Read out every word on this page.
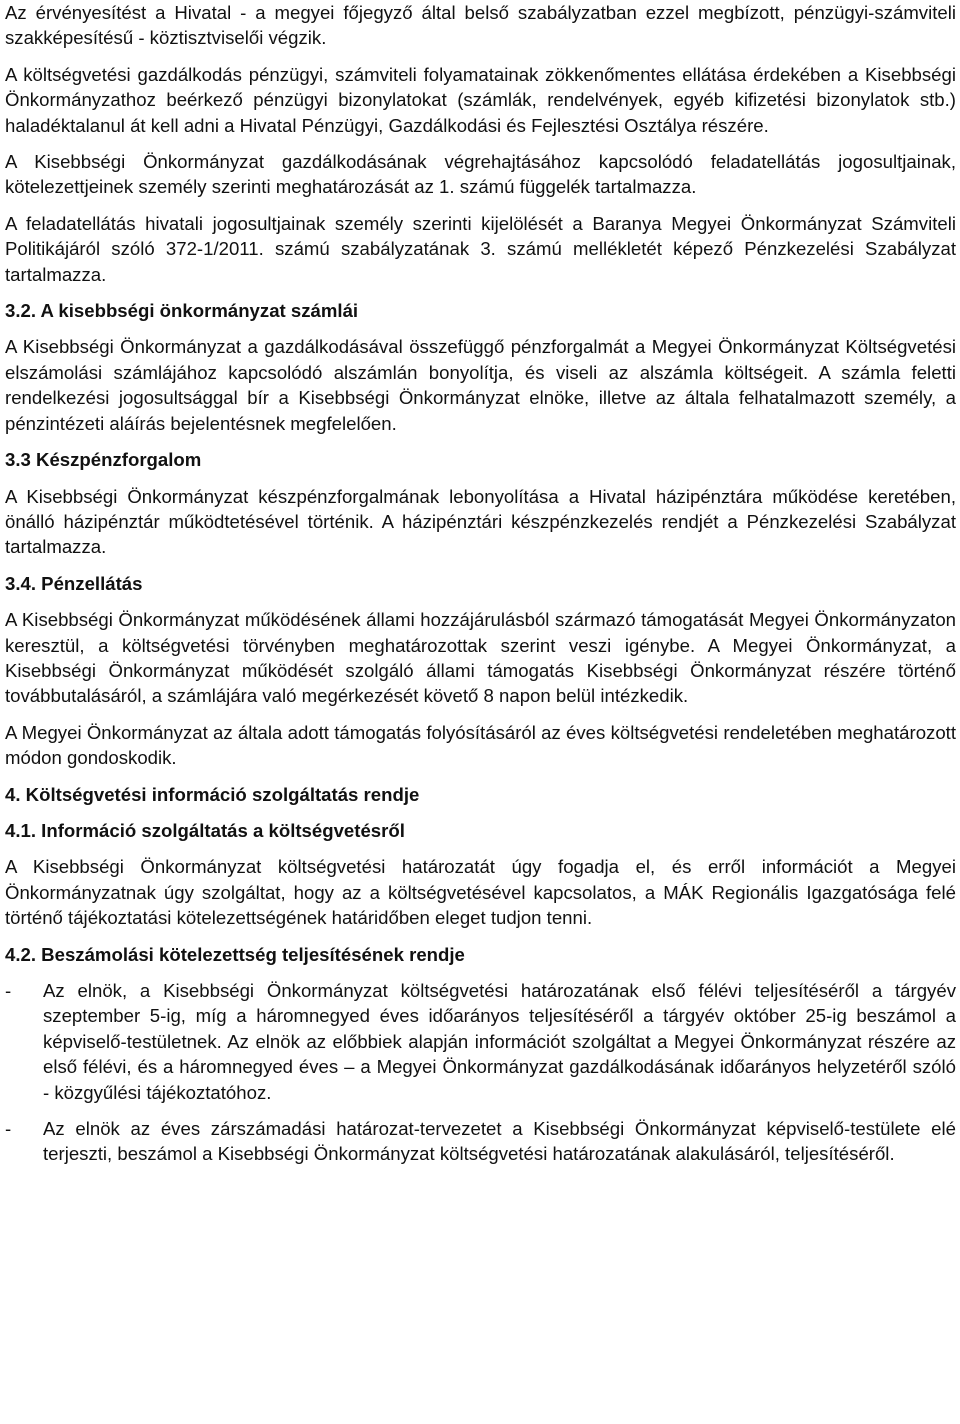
Az érvényesítést a Hivatal - a megyei főjegyző által belső szabályzatban ezzel megbízott, pénzügyi-számviteli szakképesítésű - köztisztviselői végzik.

A költségvetési gazdálkodás pénzügyi, számviteli folyamatainak zökkenőmentes ellátása érdekében a Kisebbségi Önkormányzathoz beérkező pénzügyi bizonylatokat (számlák, rendelvények, egyéb kifizetési bizonylatok stb.) haladéktalanul át kell adni a Hivatal Pénzügyi, Gazdálkodási és Fejlesztési Osztálya részére.

A Kisebbségi Önkormányzat gazdálkodásának végrehajtásához kapcsolódó feladatellátás jogosultjainak, kötelezettjeinek személy szerinti meghatározását az 1. számú függelék tartalmazza.

A feladatellátás hivatali jogosultjainak személy szerinti kijelölését a Baranya Megyei Önkormányzat Számviteli Politikájáról szóló 372-1/2011. számú szabályzatának 3. számú mellékletét képező Pénzkezelési Szabályzat tartalmazza.

3.2. A kisebbségi önkormányzat számlái

A Kisebbségi Önkormányzat a gazdálkodásával összefüggő pénzforgalmát a Megyei Önkormányzat Költségvetési elszámolási számlájához kapcsolódó alszámlán bonyolítja, és viseli az alszámla költségeit. A számla feletti rendelkezési jogosultsággal bír a Kisebbségi Önkormányzat elnöke, illetve az általa felhatalmazott személy, a pénzintézeti aláírás bejelentésnek megfelelően.

3.3 Készpénzforgalom

A Kisebbségi Önkormányzat készpénzforgalmának lebonyolítása a Hivatal házipénztára működése keretében, önálló házipénztár működtetésével történik. A házipénztári készpénzkezelés rendjét a Pénzkezelési Szabályzat tartalmazza.

3.4. Pénzellátás

A Kisebbségi Önkormányzat működésének állami hozzájárulásból származó támogatását Megyei Önkormányzaton keresztül, a költségvetési törvényben meghatározottak szerint veszi igénybe. A Megyei Önkormányzat, a Kisebbségi Önkormányzat működését szolgáló állami támogatás Kisebbségi Önkormányzat részére történő továbbutalásáról, a számlájára való megérkezését követő 8 napon belül intézkedik.

A Megyei Önkormányzat az általa adott támogatás folyósításáról az éves költségvetési rendeletében meghatározott módon gondoskodik.

4. Költségvetési információ szolgáltatás rendje

4.1. Információ szolgáltatás a költségvetésről

A Kisebbségi Önkormányzat költségvetési határozatát úgy fogadja el, és erről információt a Megyei Önkormányzatnak úgy szolgáltat, hogy az a költségvetésével kapcsolatos, a MÁK Regionális Igazgatósága felé történő tájékoztatási kötelezettségének határidőben eleget tudjon tenni.

4.2. Beszámolási kötelezettség teljesítésének rendje

-	Az elnök, a Kisebbségi Önkormányzat költségvetési határozatának első félévi teljesítéséről a tárgyév szeptember 5-ig, míg a háromnegyed éves időarányos teljesítéséről a tárgyév október 25-ig beszámol a képviselő-testületnek. Az elnök az előbbiek alapján információt szolgáltat a Megyei Önkormányzat részére az első félévi, és a háromnegyed éves – a Megyei Önkormányzat gazdálkodásának időarányos helyzetéről szóló - közgyűlési tájékoztatóhoz.
-	Az elnök az éves zárszámadási határozat-tervezetet a Kisebbségi Önkormányzat képviselő-testülete elé terjeszti, beszámol a Kisebbségi Önkormányzat költségvetési határozatának alakulásáról, teljesítéséről.
